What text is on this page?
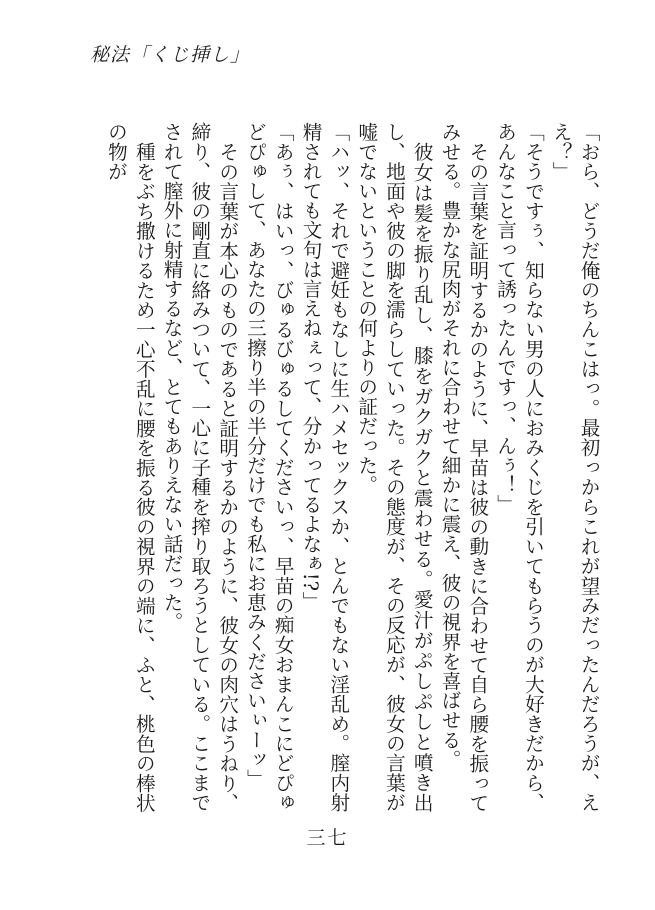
秘法「くじ挿し」

「おら、どうだ俺のちんこはっ。最初っからこれが望みだったんだろうが、ええ？」

「そうですぅ、知らない男の人におみくじを引いてもらうのが大好きだから、あんなこと言って誘ったんですっ、んぅ！」

その言葉を証明するかのように、早苗は彼の動きに合わせて自ら腰を振ってみせる。豊かな尻肉がそれに合わせて細かに震え、彼の視界を喜ばせる。

彼女は髪を振り乱し、膝をガクガクと震わせる。愛汁がぷしぷしと噴き出し、地面や彼の脚を濡らしていった。その態度が、その反応が、彼女の言葉が嘘でないということの何よりの証だった。

「ハッ、それで避妊もなしに生ハメセックスか、とんでもない淫乱め。膣内射精されても文句は言えねぇって、分かってるよなぁ!?」

「あぅ、はいっ、びゅるびゅるしてくださいっ、早苗の痴女おまんこにどぴゅどぴゅして、あなたの三擦り半の半分だけでも私にお恵みくださいぃーッ」

その言葉が本心のものであると証明するかのように、彼女の肉穴はうねり、締り、彼の剛直に絡みついて、一心に子種を搾り取ろうとしている。ここまでされて膣外に射精するなど、とてもありえない話だった。

種をぶち撒けるため一心不乱に腰を振る彼の視界の端に、ふと、桃色の棒状の物が

三七
